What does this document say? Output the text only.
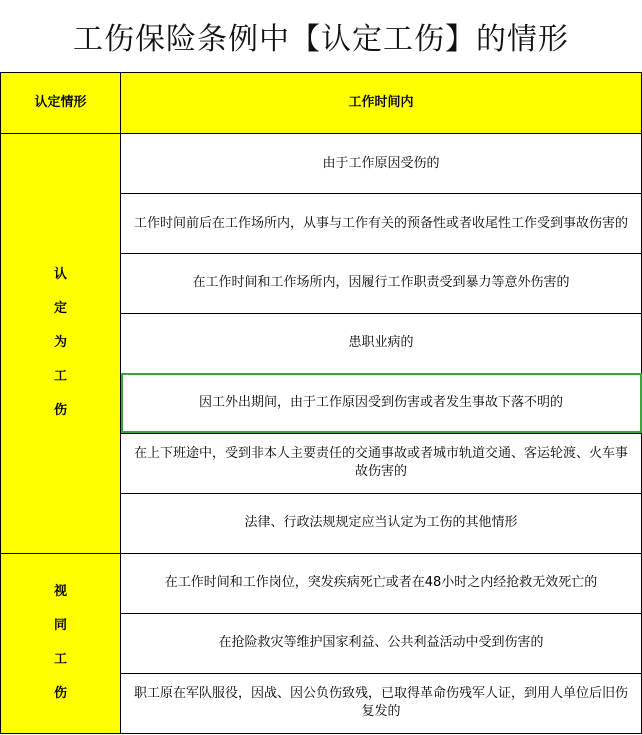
工伤保险条例中【认定工伤】的情形
认定情形	工作时间内

认
定
为
工
伤	由于工作原因受伤的
	工作时间前后在工作场所内，从事与工作有关的预备性或者收尾性工作受到事故伤害的
	在工作时间和工作场所内，因履行工作职责受到暴力等意外伤害的
	患职业病的
	因工外出期间，由于工作原因受到伤害或者发生事故下落不明的
	在上下班途中，受到非本人主要责任的交通事故或者城市轨道交通、客运轮渡、火车事故伤害的
	法律、行政法规规定应当认定为工伤的其他情形

视
同
工
伤	在工作时间和工作岗位，突发疾病死亡或者在48小时之内经抢救无效死亡的
	在抢险救灾等维护国家利益、公共利益活动中受到伤害的
	职工原在军队服役，因战、因公负伤致残，已取得革命伤残军人证，到用人单位后旧伤复发的
